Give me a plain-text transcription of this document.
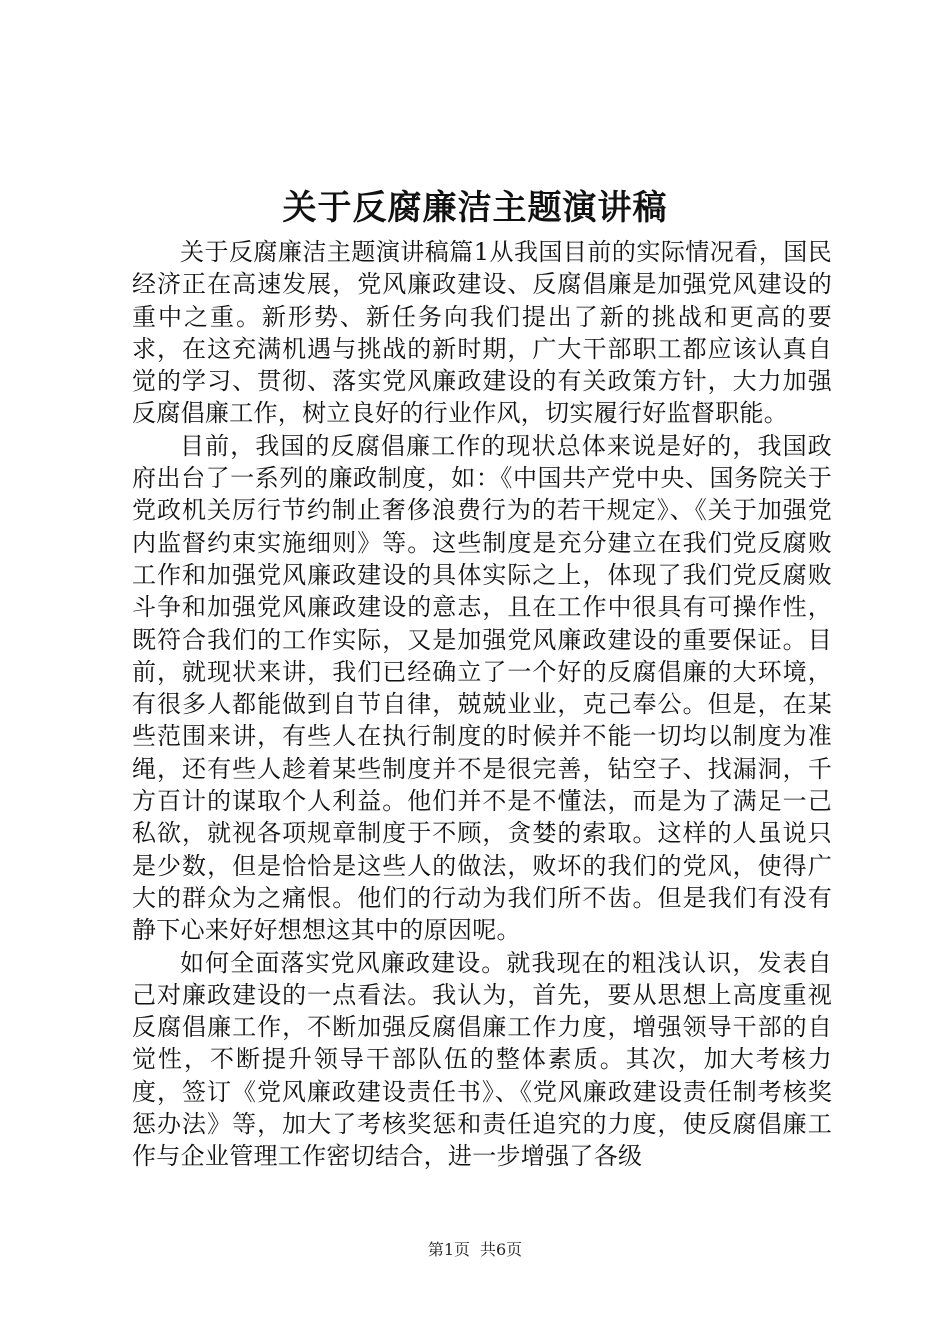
关于反腐廉洁主题演讲稿

关于反腐廉洁主题演讲稿篇1从我国目前的实际情况看，国民经济正在高速发展，党风廉政建设、反腐倡廉是加强党风建设的重中之重。新形势、新任务向我们提出了新的挑战和更高的要求，在这充满机遇与挑战的新时期，广大干部职工都应该认真自觉的学习、贯彻、落实党风廉政建设的有关政策方针，大力加强反腐倡廉工作，树立良好的行业作风，切实履行好监督职能。

目前，我国的反腐倡廉工作的现状总体来说是好的，我国政府出台了一系列的廉政制度，如：《中国共产党中央、国务院关于党政机关厉行节约制止奢侈浪费行为的若干规定》、《关于加强党内监督约束实施细则》等。这些制度是充分建立在我们党反腐败工作和加强党风廉政建设的具体实际之上，体现了我们党反腐败斗争和加强党风廉政建设的意志，且在工作中很具有可操作性，既符合我们的工作实际，又是加强党风廉政建设的重要保证。目前，就现状来讲，我们已经确立了一个好的反腐倡廉的大环境，有很多人都能做到自节自律，兢兢业业，克己奉公。但是，在某些范围来讲，有些人在执行制度的时候并不能一切均以制度为准绳，还有些人趁着某些制度并不是很完善，钻空子、找漏洞，千方百计的谋取个人利益。他们并不是不懂法，而是为了满足一己私欲，就视各项规章制度于不顾，贪婪的索取。这样的人虽说只是少数，但是恰恰是这些人的做法，败坏的我们的党风，使得广大的群众为之痛恨。他们的行动为我们所不齿。但是我们有没有静下心来好好想想这其中的原因呢。

如何全面落实党风廉政建设。就我现在的粗浅认识，发表自己对廉政建设的一点看法。我认为，首先，要从思想上高度重视反腐倡廉工作，不断加强反腐倡廉工作力度，增强领导干部的自觉性，不断提升领导干部队伍的整体素质。其次，加大考核力度，签订《党风廉政建设责任书》、《党风廉政建设责任制考核奖惩办法》等，加大了考核奖惩和责任追究的力度，使反腐倡廉工作与企业管理工作密切结合，进一步增强了各级

第1页 共6页
